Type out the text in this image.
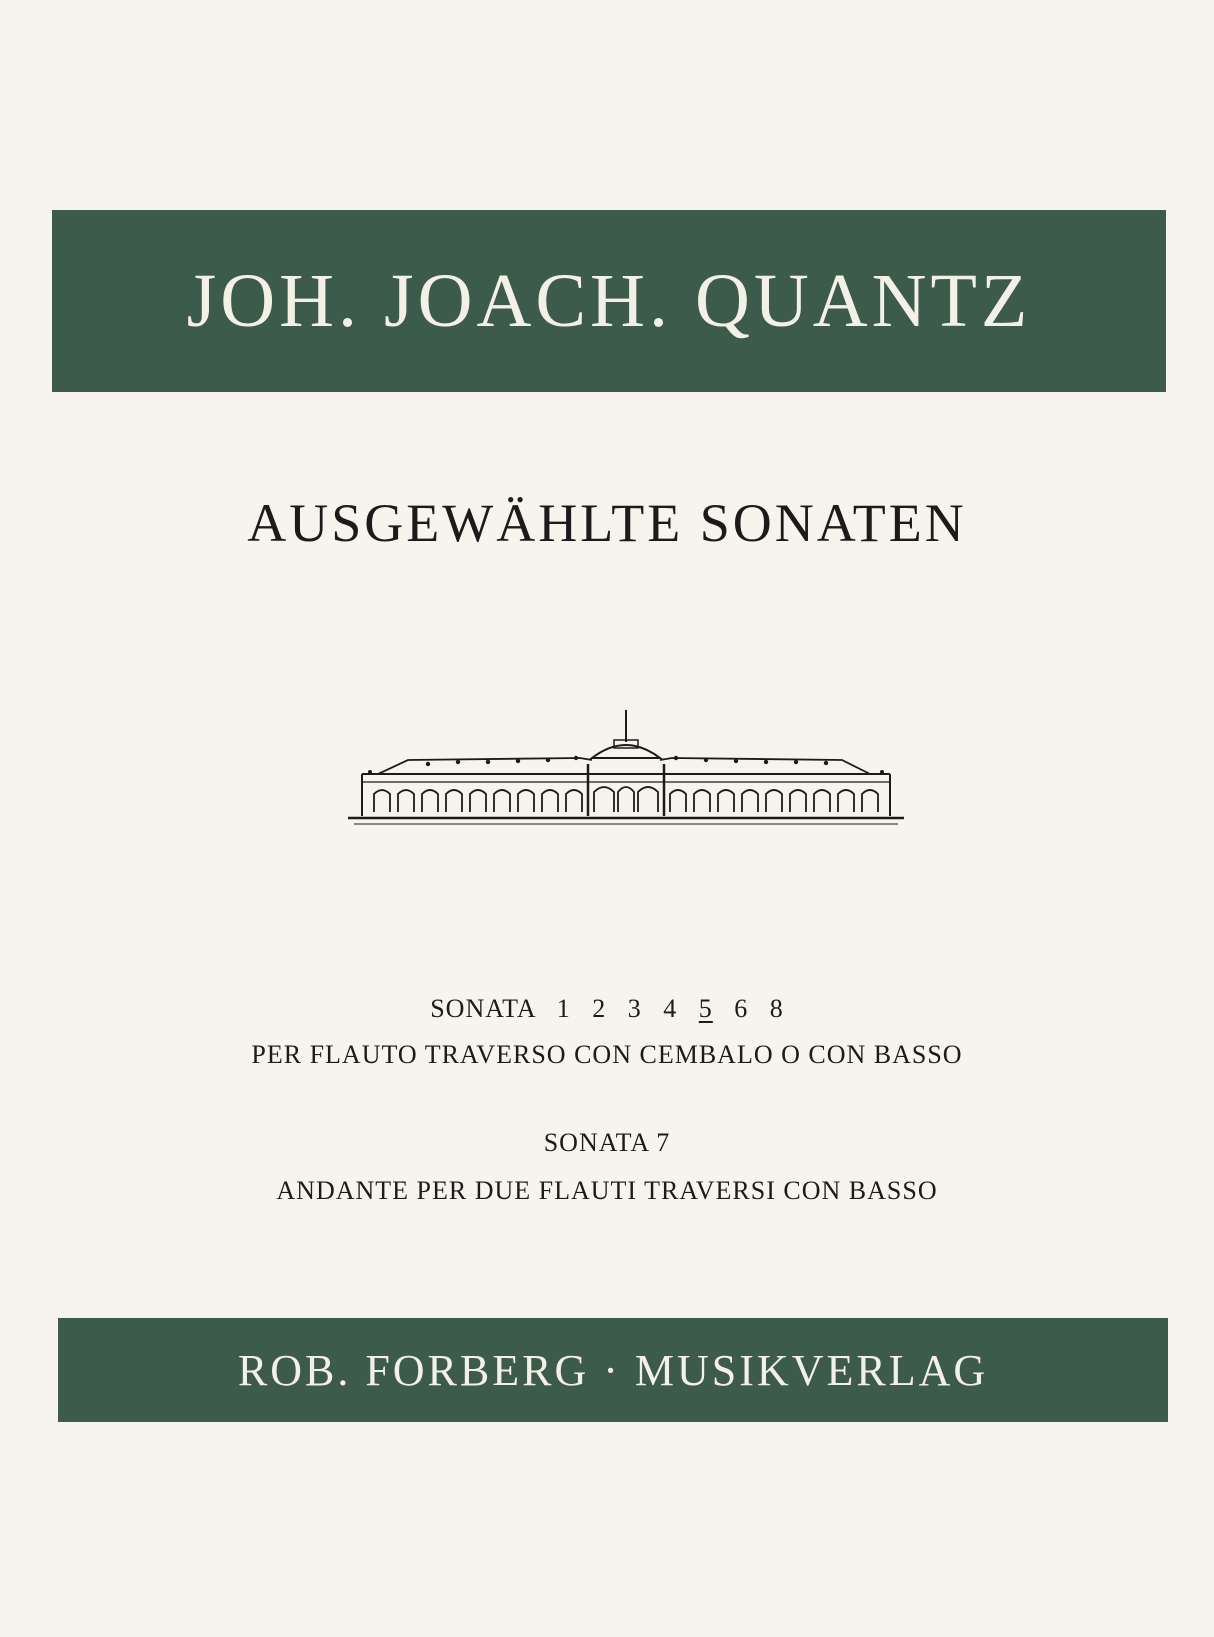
JOH. JOACH. QUANTZ
AUSGEWÄHLTE SONATEN
SONATA 1 2 3 4 5 6 8
PER FLAUTO TRAVERSO CON CEMBALO O CON BASSO
SONATA 7
ANDANTE PER DUE FLAUTI TRAVERSI CON BASSO
ROB. FORBERG · MUSIKVERLAG
